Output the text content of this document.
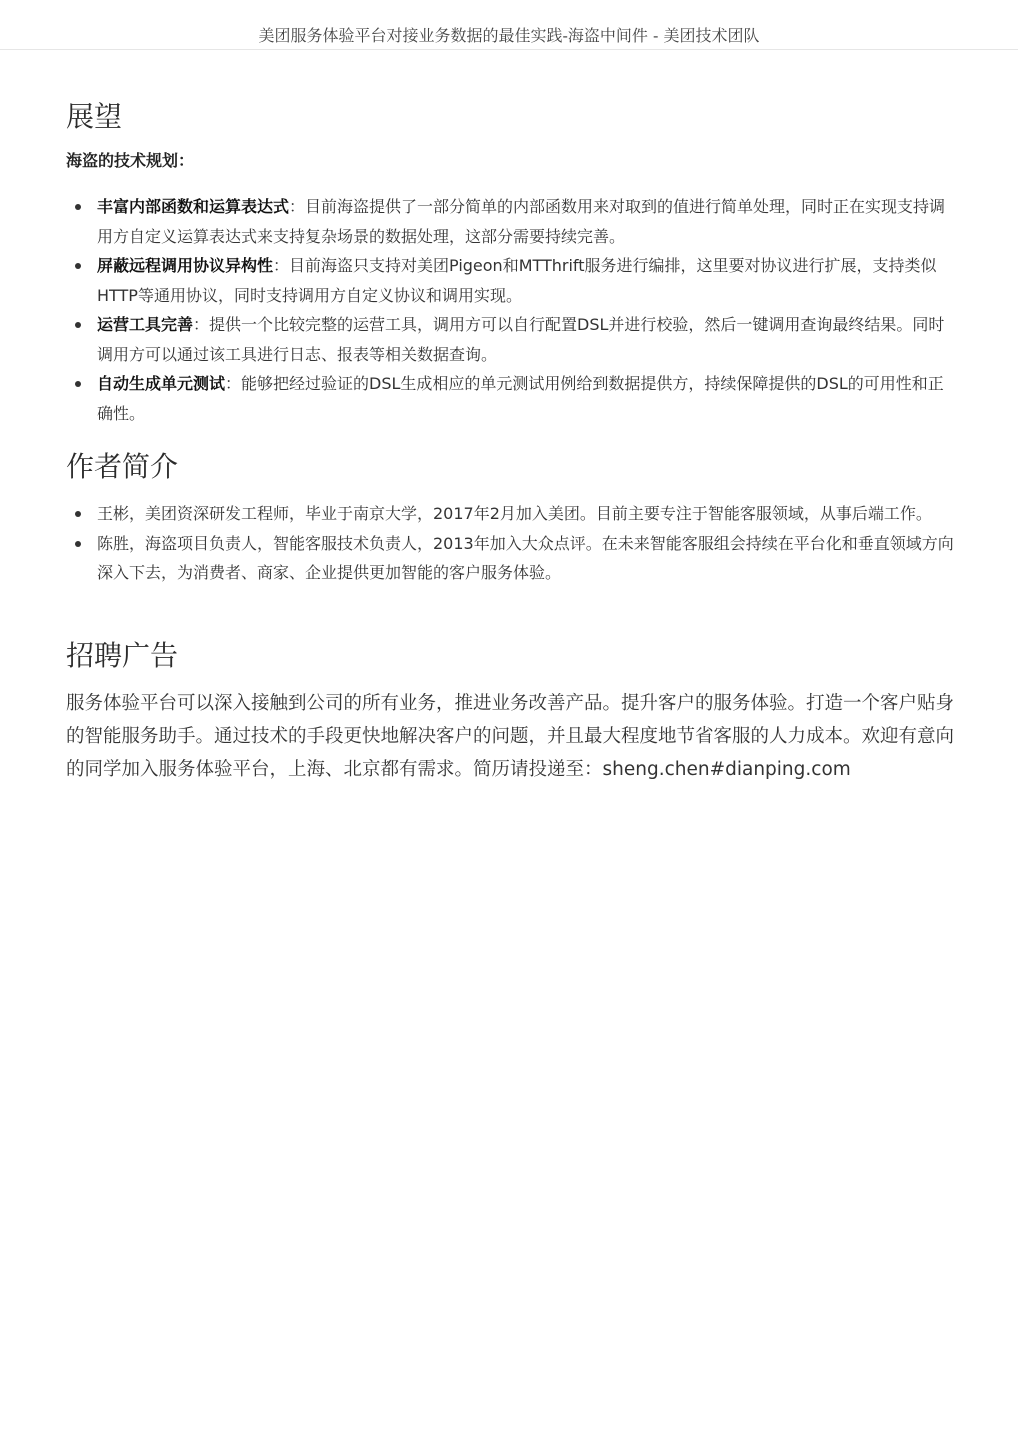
美团服务体验平台对接业务数据的最佳实践-海盗中间件 - 美团技术团队
展望
海盗的技术规划：
丰富内部函数和运算表达式：目前海盗提供了一部分简单的内部函数用来对取到的值进行简单处理，同时正在实现支持调用方自定义运算表达式来支持复杂场景的数据处理，这部分需要持续完善。
屏蔽远程调用协议异构性：目前海盗只支持对美团Pigeon和MTThrift服务进行编排，这里要对协议进行扩展，支持类似HTTP等通用协议，同时支持调用方自定义协议和调用实现。
运营工具完善：提供一个比较完整的运营工具，调用方可以自行配置DSL并进行校验，然后一键调用查询最终结果。同时调用方可以通过该工具进行日志、报表等相关数据查询。
自动生成单元测试：能够把经过验证的DSL生成相应的单元测试用例给到数据提供方，持续保障提供的DSL的可用性和正确性。
作者简介
王彬，美团资深研发工程师，毕业于南京大学，2017年2月加入美团。目前主要专注于智能客服领域，从事后端工作。
陈胜，海盗项目负责人，智能客服技术负责人，2013年加入大众点评。在未来智能客服组会持续在平台化和垂直领域方向深入下去，为消费者、商家、企业提供更加智能的客户服务体验。
招聘广告

服务体验平台可以深入接触到公司的所有业务，推进业务改善产品。提升客户的服务体验。打造一个客户贴身的智能服务助手。通过技术的手段更快地解决客户的问题，并且最大程度地节省客服的人力成本。欢迎有意向的同学加入服务体验平台，上海、北京都有需求。简历请投递至：sheng.chen#dianping.com
